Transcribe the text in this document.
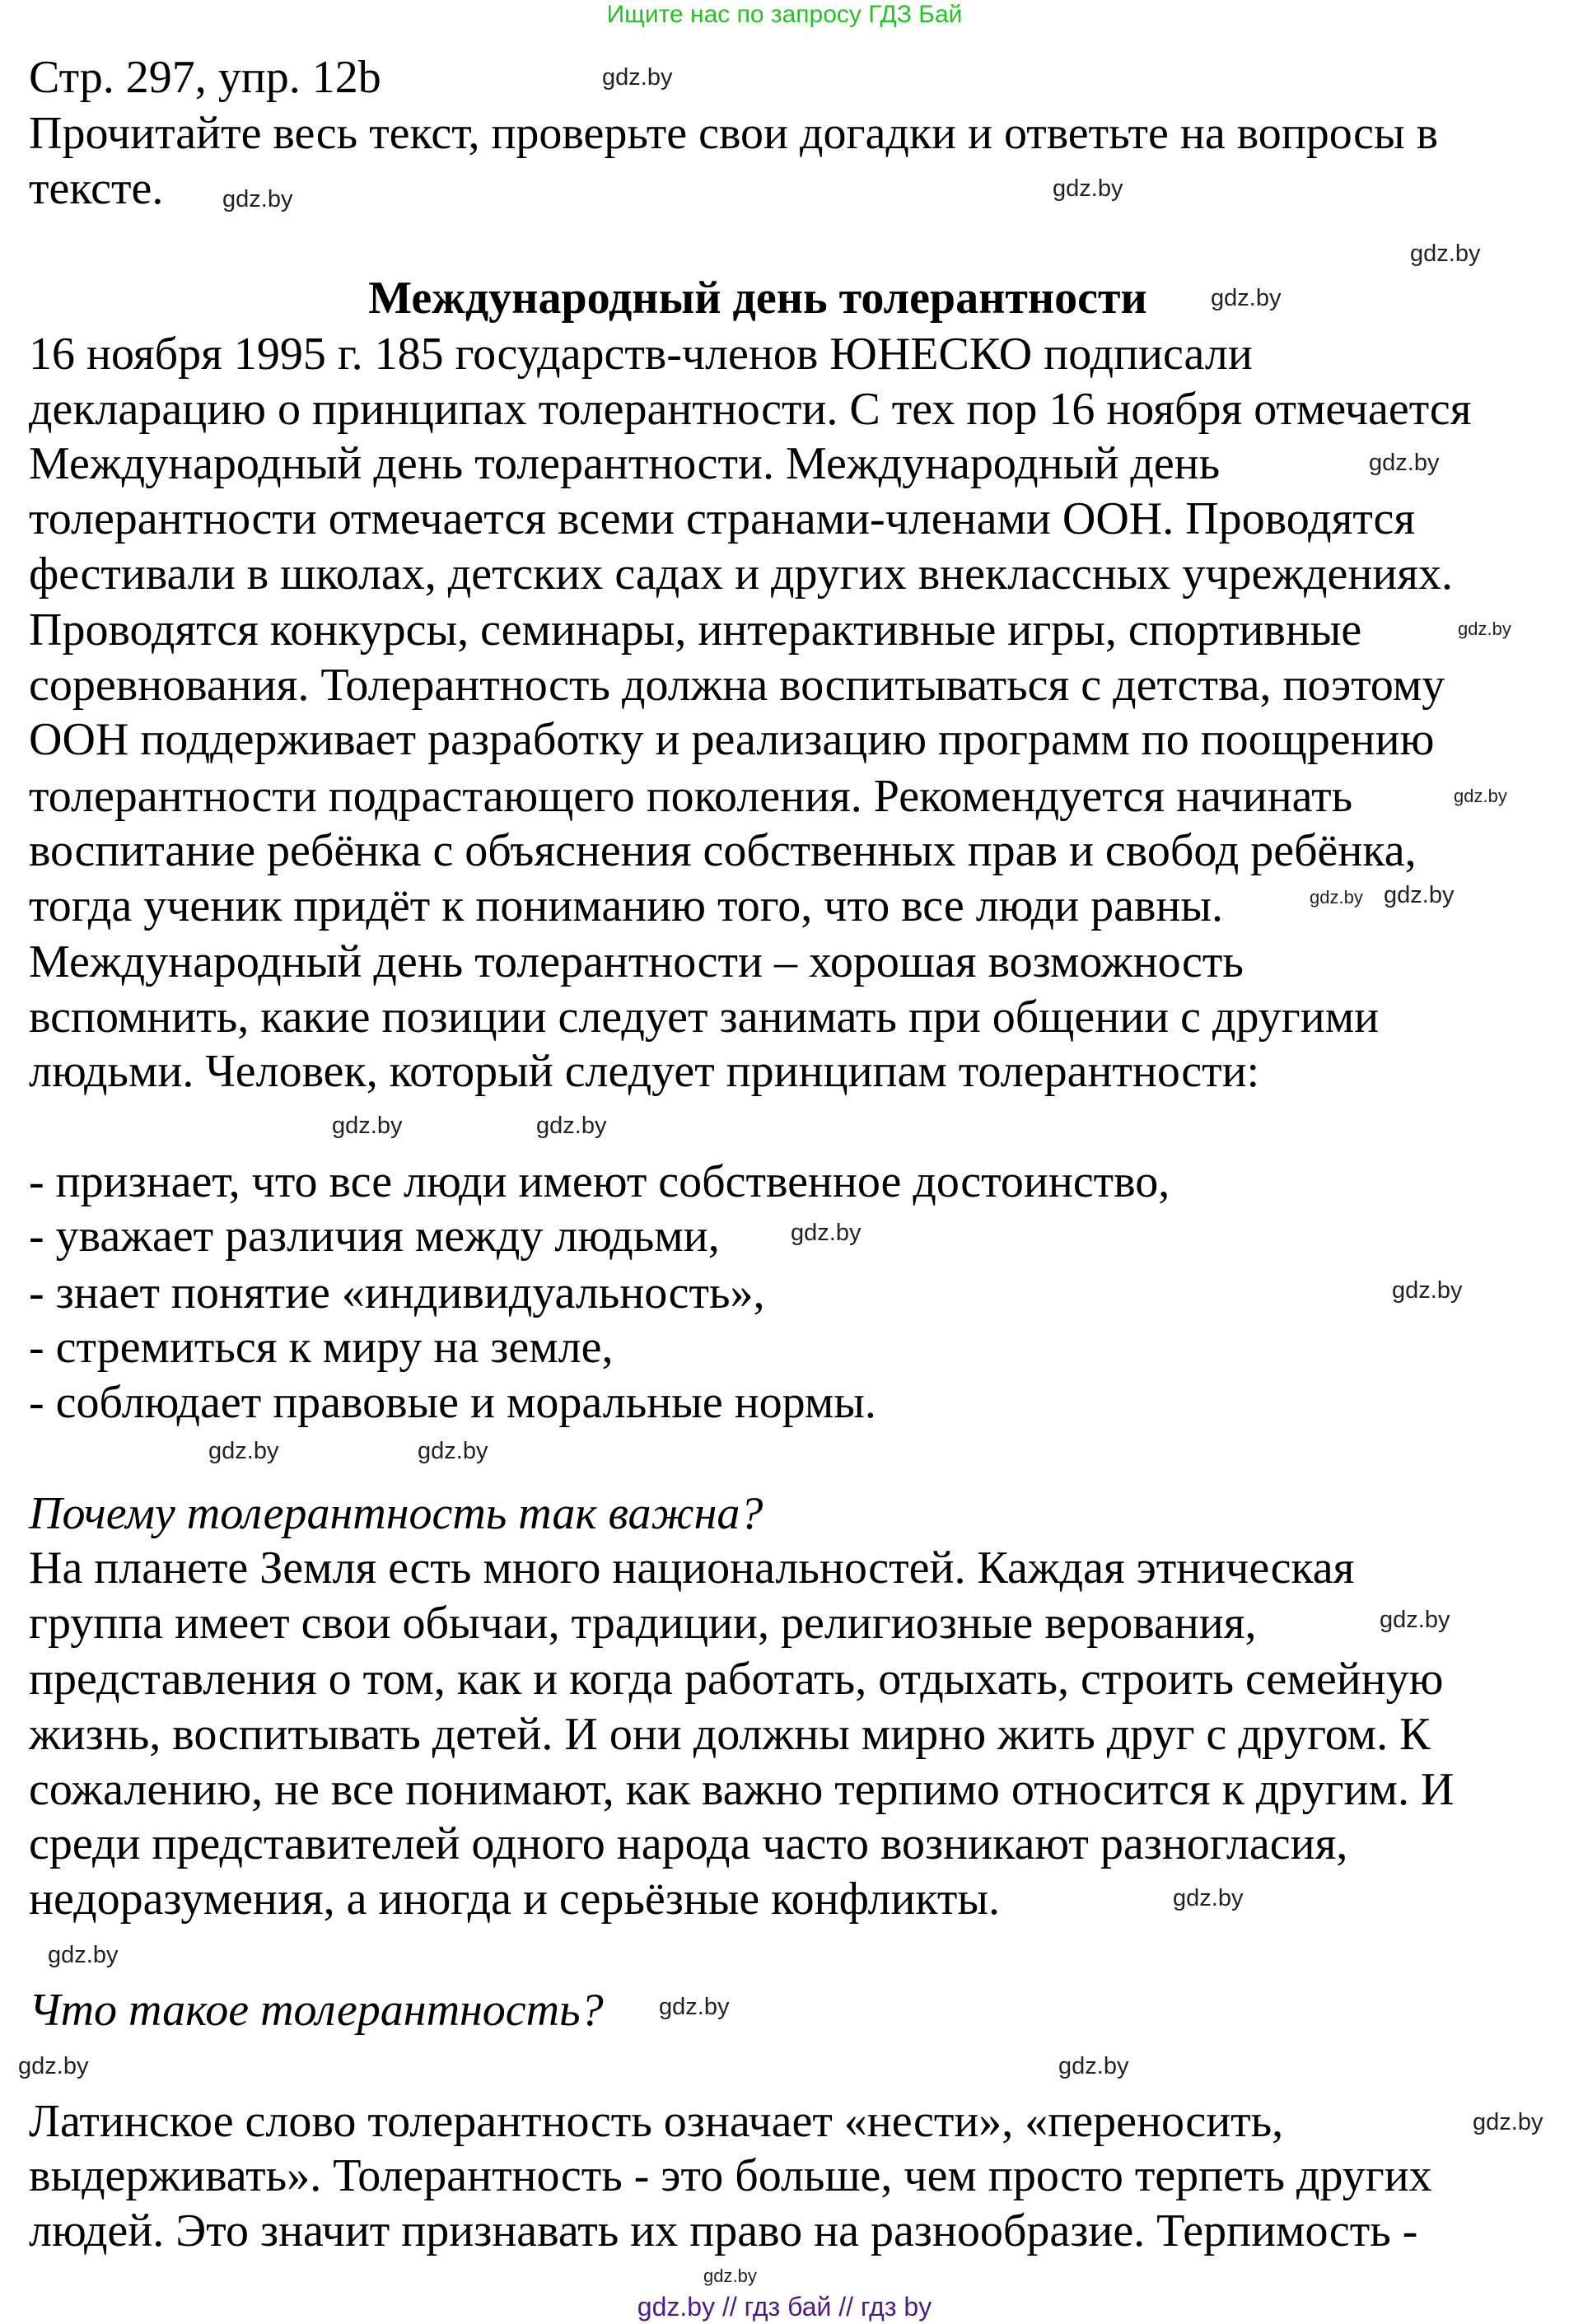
Ищите нас по запросу ГДЗ Бай
Стр. 297, упр. 12b
Прочитайте весь текст, проверьте свои догадки и ответьте на вопросы в
тексте.
Международный день толерантности
16 ноября 1995 г. 185 государств-членов ЮНЕСКО подписали
декларацию о принципах толерантности. С тех пор 16 ноября отмечается
Международный день толерантности. Международный день
толерантности отмечается всеми странами-членами ООН. Проводятся
фестивали в школах, детских садах и других внеклассных учреждениях.
Проводятся конкурсы, семинары, интерактивные игры, спортивные
соревнования. Толерантность должна воспитываться с детства, поэтому
ООН поддерживает разработку и реализацию программ по поощрению
толерантности подрастающего поколения. Рекомендуется начинать
воспитание ребёнка с объяснения собственных прав и свобод ребёнка,
тогда ученик придёт к пониманию того, что все люди равны.
Международный день толерантности – хорошая возможность
вспомнить, какие позиции следует занимать при общении с другими
людьми. Человек, который следует принципам толерантности:
- признает, что все люди имеют собственное достоинство,
- уважает различия между людьми,
- знает понятие «индивидуальность»,
- стремиться к миру на земле,
- соблюдает правовые и моральные нормы.
Почему толерантность так важна?
На планете Земля есть много национальностей. Каждая этническая
группа имеет свои обычаи, традиции, религиозные верования,
представления о том, как и когда работать, отдыхать, строить семейную
жизнь, воспитывать детей. И они должны мирно жить друг с другом. К
сожалению, не все понимают, как важно терпимо относится к другим. И
среди представителей одного народа часто возникают разногласия,
недоразумения, а иногда и серьёзные конфликты.
Что такое толерантность?
Латинское слово толерантность означает «нести», «переносить,
выдерживать». Толерантность - это больше, чем просто терпеть других
людей. Это значит признавать их право на разнообразие. Терпимость -
gdz.by
gdz.by
gdz.by
gdz.by
gdz.by
gdz.by
gdz.by
gdz.by
gdz.by gdz.by
gdz.by
gdz.by
gdz.by
gdz.by
gdz.by
gdz.by
gdz.by
gdz.by
gdz.by
gdz.by
gdz.by
gdz.by
gdz.by
gdz.by
gdz.by // гдз бай // гдз by
